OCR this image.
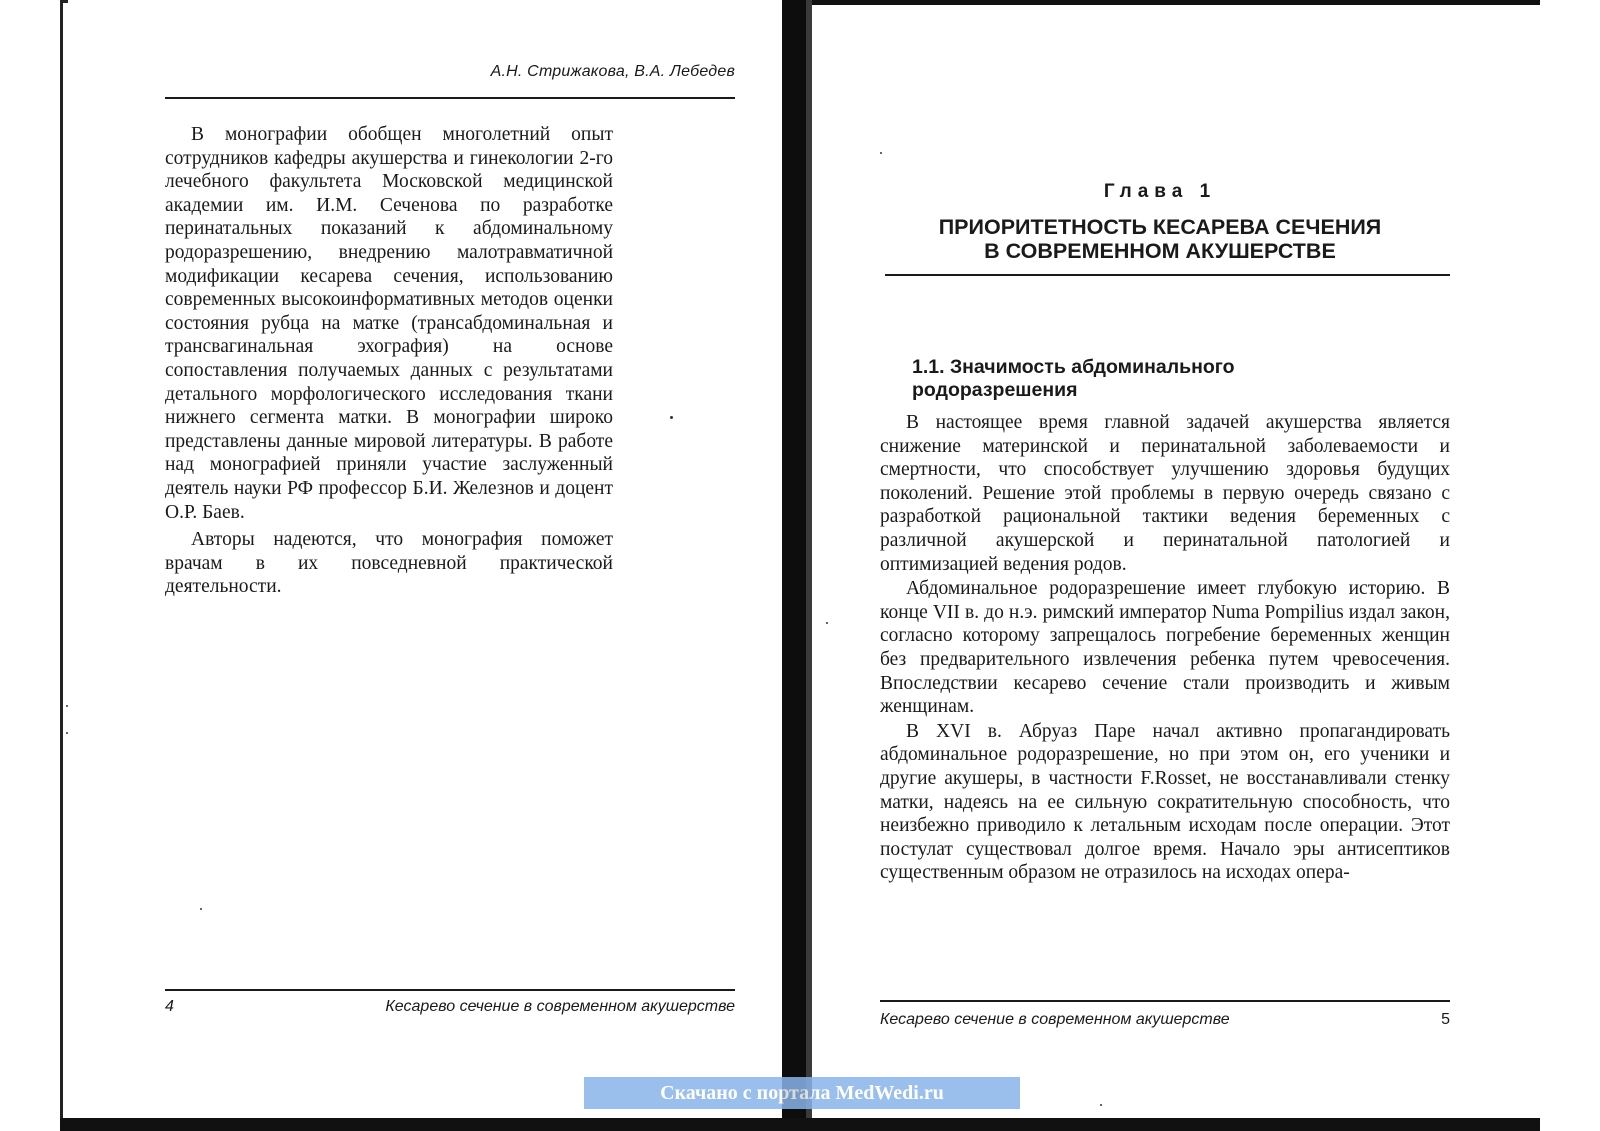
А.Н. Стрижакова, В.А. Лебедев

В монографии обобщен многолетний опыт сотрудников кафедры акушерства и гинекологии 2-го лечебного факультета Московской медицинской академии им. И.М. Сеченова по разработке перинатальных показаний к абдоминальному родоразрешению, внедрению малотравматичной модификации кесарева сечения, использованию современных высокоинформативных методов оценки состояния рубца на матке (трансабдоминальная и трансвагинальная эхография) на основе сопоставления получаемых данных с результатами детального морфологического исследования ткани нижнего сегмента матки. В монографии широко представлены данные мировой литературы. В работе над монографией приняли участие заслуженный деятель науки РФ профессор Б.И. Железнов и доцент О.Р. Баев.

Авторы надеются, что монография поможет врачам в их повседневной практической деятельности.

4	Кесарево сечение в современном акушерстве
Глава 1
ПРИОРИТЕТНОСТЬ КЕСАРЕВА СЕЧЕНИЯ
В СОВРЕМЕННОМ АКУШЕРСТВЕ
1.1. Значимость абдоминального родоразрешения

В настоящее время главной задачей акушерства является снижение материнской и перинатальной заболеваемости и смертности, что способствует улучшению здоровья будущих поколений. Решение этой проблемы в первую очередь связано с разработкой рациональной тактики ведения беременных с различной акушерской и перинатальной патологией и оптимизацией ведения родов.

Абдоминальное родоразрешение имеет глубокую историю. В конце VII в. до н.э. римский император Numa Pompilius издал закон, согласно которому запрещалось погребение беременных женщин без предварительного извлечения ребенка путем чревосечения. Впоследствии кесарево сечение стали производить и живым женщинам.

В XVI в. Абруаз Паре начал активно пропагандировать абдоминальное родоразрешение, но при этом он, его ученики и другие акушеры, в частности F.Rosset, не восстанавливали стенку матки, надеясь на ее сильную сократительную способность, что неизбежно приводило к летальным исходам после операции. Этот постулат существовал долгое время. Начало эры антисептиков существенным образом не отразилось на исходах опера-

Кесарево сечение в современном акушерстве	5
Скачано с портала MedWedi.ru
